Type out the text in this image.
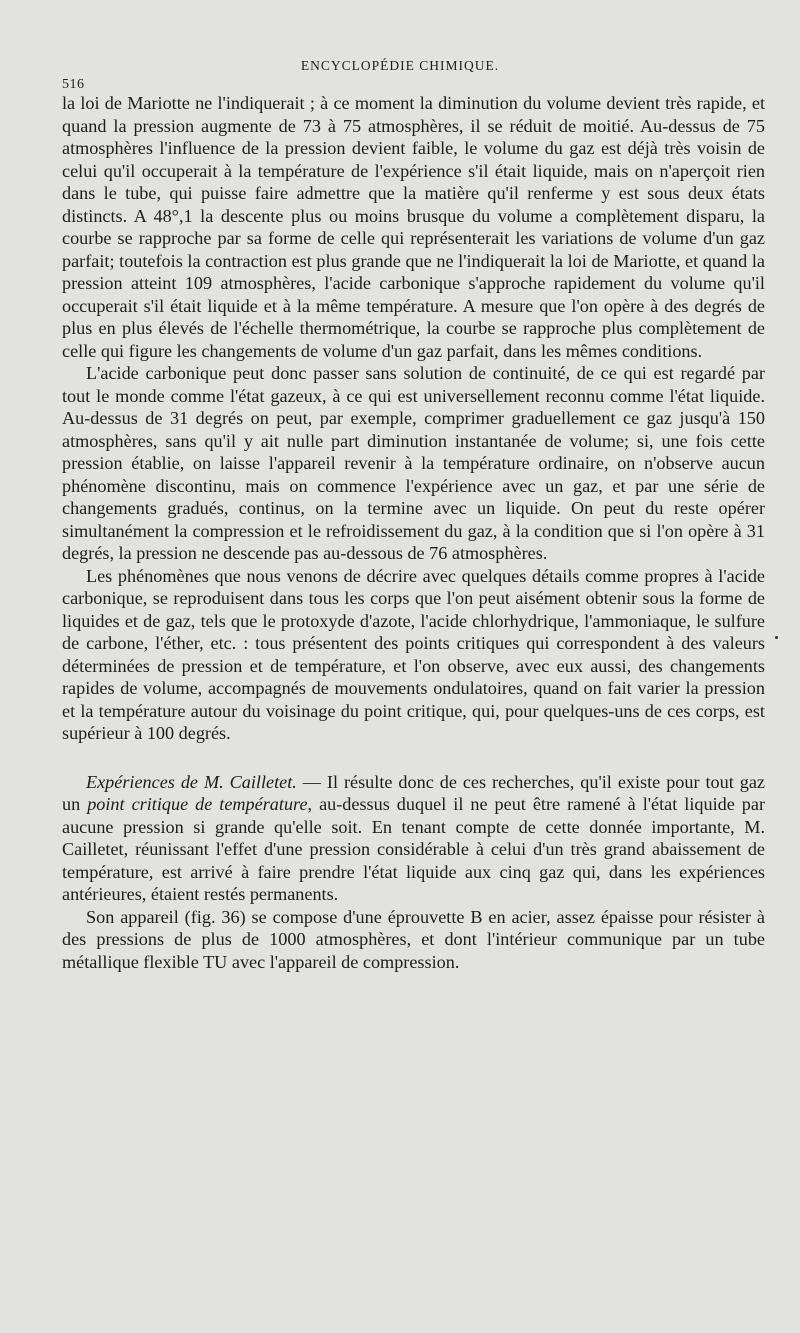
ENCYCLOPÉDIE CHIMIQUE.
516

la loi de Mariotte ne l'indiquerait ; à ce moment la diminution du volume devient très rapide, et quand la pression augmente de 73 à 75 atmosphères, il se réduit de moitié. Au-dessus de 75 atmosphères l'influence de la pression devient faible, le volume du gaz est déjà très voisin de celui qu'il occuperait à la température de l'expérience s'il était liquide, mais on n'aperçoit rien dans le tube, qui puisse faire admettre que la matière qu'il renferme y est sous deux états distincts. A 48°,1 la descente plus ou moins brusque du volume a complètement disparu, la courbe se rapproche par sa forme de celle qui représenterait les variations de volume d'un gaz parfait; toutefois la contraction est plus grande que ne l'indiquerait la loi de Mariotte, et quand la pression atteint 109 atmosphères, l'acide carbonique s'approche rapidement du volume qu'il occuperait s'il était liquide et à la même température. A mesure que l'on opère à des degrés de plus en plus élevés de l'échelle thermométrique, la courbe se rapproche plus complètement de celle qui figure les changements de volume d'un gaz parfait, dans les mêmes conditions.

L'acide carbonique peut donc passer sans solution de continuité, de ce qui est regardé par tout le monde comme l'état gazeux, à ce qui est universellement reconnu comme l'état liquide. Au-dessus de 31 degrés on peut, par exemple, comprimer graduellement ce gaz jusqu'à 150 atmosphères, sans qu'il y ait nulle part diminution instantanée de volume; si, une fois cette pression établie, on laisse l'appareil revenir à la température ordinaire, on n'observe aucun phénomène discontinu, mais on commence l'expérience avec un gaz, et par une série de changements gradués, continus, on la termine avec un liquide. On peut du reste opérer simultanément la compression et le refroidissement du gaz, à la condition que si l'on opère à 31 degrés, la pression ne descende pas au-dessous de 76 atmosphères.

Les phénomènes que nous venons de décrire avec quelques détails comme propres à l'acide carbonique, se reproduisent dans tous les corps que l'on peut aisément obtenir sous la forme de liquides et de gaz, tels que le protoxyde d'azote, l'acide chlorhydrique, l'ammoniaque, le sulfure de carbone, l'éther, etc. : tous présentent des points critiques qui correspondent à des valeurs déterminées de pression et de température, et l'on observe, avec eux aussi, des changements rapides de volume, accompagnés de mouvements ondulatoires, quand on fait varier la pression et la température autour du voisinage du point critique, qui, pour quelques-uns de ces corps, est supérieur à 100 degrés.

Expériences de M. Cailletet. — Il résulte donc de ces recherches, qu'il existe pour tout gaz un point critique de température, au-dessus duquel il ne peut être ramené à l'état liquide par aucune pression si grande qu'elle soit. En tenant compte de cette donnée importante, M. Cailletet, réunissant l'effet d'une pression considérable à celui d'un très grand abaissement de température, est arrivé à faire prendre l'état liquide aux cinq gaz qui, dans les expériences antérieures, étaient restés permanents.

Son appareil (fig. 36) se compose d'une éprouvette B en acier, assez épaisse pour résister à des pressions de plus de 1000 atmosphères, et dont l'intérieur communique par un tube métallique flexible TU avec l'appareil de compression.
